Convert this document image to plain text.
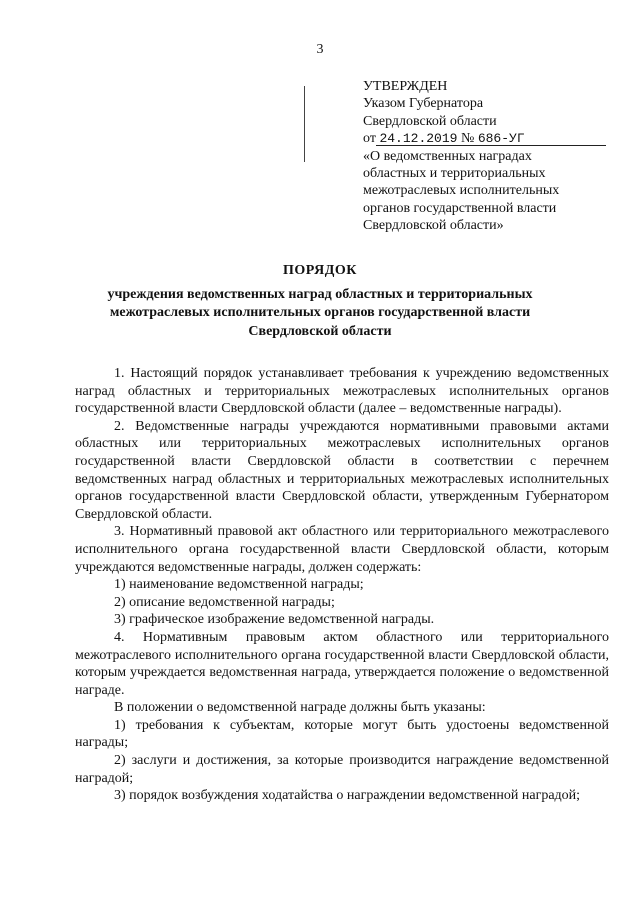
3
УТВЕРЖДЕН
Указом Губернатора
Свердловской области
от 24.12.2019 № 686-УГ
«О ведомственных наградах
областных и территориальных
межотраслевых исполнительных
органов государственной власти
Свердловской области»
ПОРЯДОК
учреждения ведомственных наград областных и территориальных
межотраслевых исполнительных органов государственной власти
Свердловской области

1. Настоящий порядок устанавливает требования к учреждению ведомственных наград областных и территориальных межотраслевых исполнительных органов государственной власти Свердловской области (далее – ведомственные награды).

2. Ведомственные награды учреждаются нормативными правовыми актами областных или территориальных межотраслевых исполнительных органов государственной власти Свердловской области в соответствии с перечнем ведомственных наград областных и территориальных межотраслевых исполнительных органов государственной власти Свердловской области, утвержденным Губернатором Свердловской области.

3. Нормативный правовой акт областного или территориального межотраслевого исполнительного органа государственной власти Свердловской области, которым учреждаются ведомственные награды, должен содержать:

1) наименование ведомственной награды;

2) описание ведомственной награды;

3) графическое изображение ведомственной награды.

4. Нормативным правовым актом областного или территориального межотраслевого исполнительного органа государственной власти Свердловской области, которым учреждается ведомственная награда, утверждается положение о ведомственной награде.

В положении о ведомственной награде должны быть указаны:

1) требования к субъектам, которые могут быть удостоены ведомственной награды;

2) заслуги и достижения, за которые производится награждение ведомственной наградой;

3) порядок возбуждения ходатайства о награждении ведомственной наградой;
